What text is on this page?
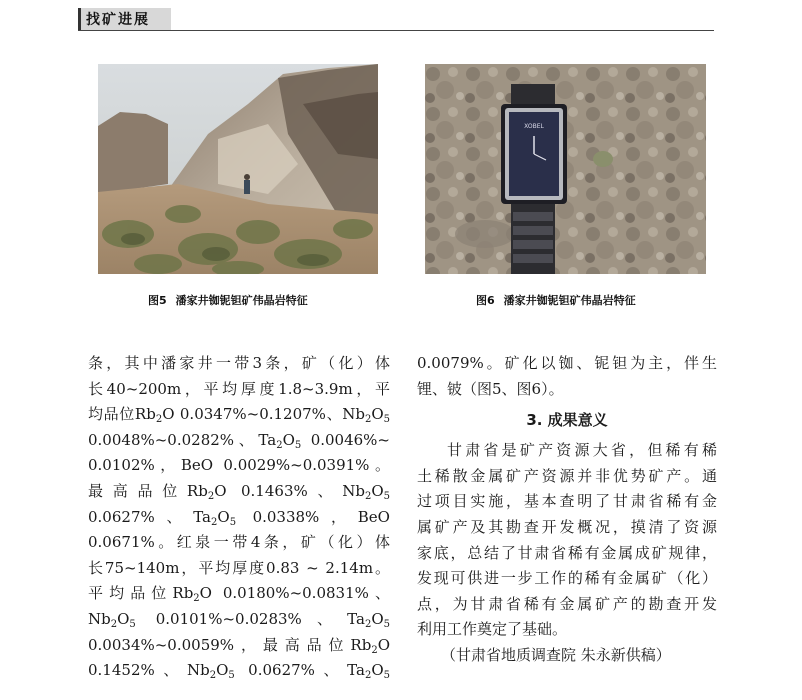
找矿进展
XOBEL
图5 潘家井铷铌钽矿伟晶岩特征	图6 潘家井铷铌钽矿伟晶岩特征
条，其中潘家井一带3条，矿（化）体
长40~200m，平均厚度1.8~3.9m，平
均品位$Rb_2O$ 0.0347%~0.1207%、$Nb_2O_5$
0.0048%~0.0282%、$Ta_2O_5$ 0.0046%~
0.0102%，BeO 0.0029%~0.0391%。
最高品位$Rb_2O$ 0.1463%、$Nb_2O_5$
0.0627%、$Ta_2O_5$ 0.0338%，BeO
0.0671%。红泉一带4条，矿（化）体
长75~140m，平均厚度0.83 ~ 2.14m。
平均品位$Rb_2O$ 0.0180%~0.0831%、
$Nb_2O_5$ 0.0101%~0.0283%、$Ta_2O_5$
0.0034%~0.0059%，最高品位$Rb_2O$
0.1452%、$Nb_2O_5$ 0.0627%、$Ta_2O_5$
0.0079%。矿化以铷、铌钽为主，伴生
锂、铍（图5、图6）。
3. 成果意义
甘肃省是矿产资源大省，但稀有稀
土稀散金属矿产资源并非优势矿产。通
过项目实施，基本查明了甘肃省稀有金
属矿产及其勘查开发概况，摸清了资源
家底，总结了甘肃省稀有金属成矿规律，
发现可供进一步工作的稀有金属矿（化）
点，为甘肃省稀有金属矿产的勘查开发
利用工作奠定了基础。
（甘肃省地质调查院 朱永新供稿）
